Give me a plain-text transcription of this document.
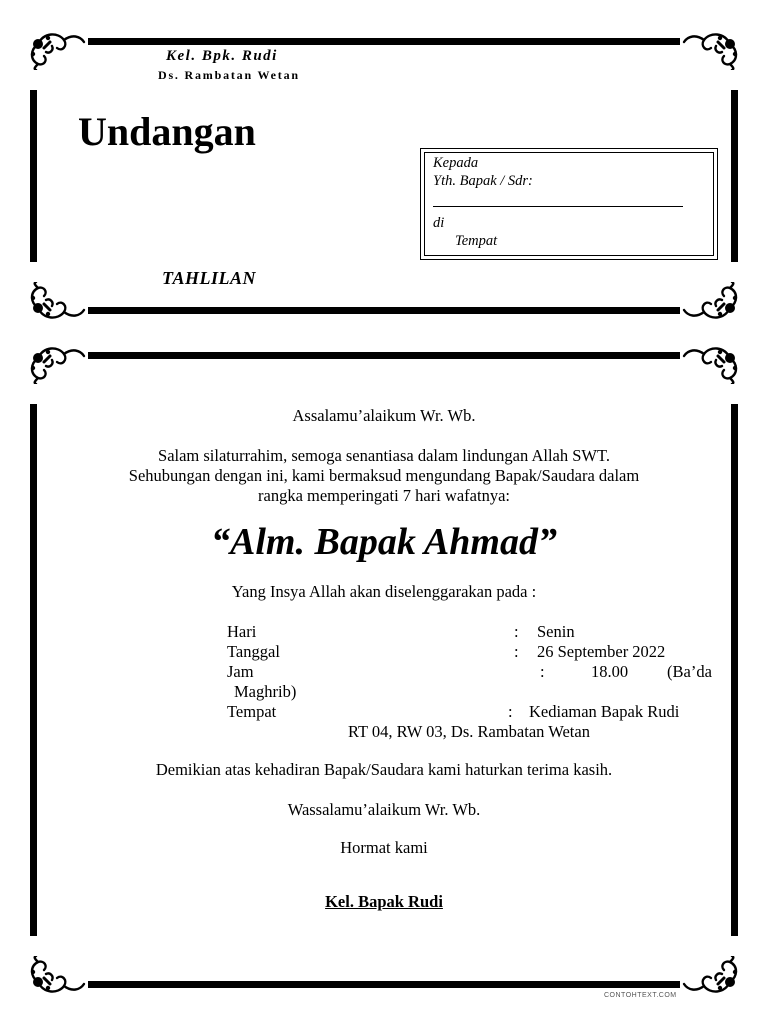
Kel. Bpk. Rudi
Ds. Rambatan Wetan
Undangan
TAHLILAN
Kepada
Yth. Bapak / Sdr:
di
Tempat
Assalamu’alaikum Wr. Wb.
Salam silaturrahim, semoga senantiasa dalam lindungan Allah SWT.
Sehubungan dengan ini, kami bermaksud mengundang Bapak/Saudara dalam
rangka memperingati 7 hari wafatnya:
“Alm. Bapak Ahmad”
Yang Insya Allah akan diselenggarakan pada :
Hari	: Senin
Tanggal	: 26 September 2022
Jam	:	18.00 (Ba’da
Maghrib)
Tempat	: Kediaman Bapak Rudi
RT 04, RW 03, Ds. Rambatan Wetan
Demikian atas kehadiran Bapak/Saudara kami haturkan terima kasih.
Wassalamu’alaikum Wr. Wb.
Hormat kami
Kel. Bapak Rudi
CONTOHTEXT.COM
